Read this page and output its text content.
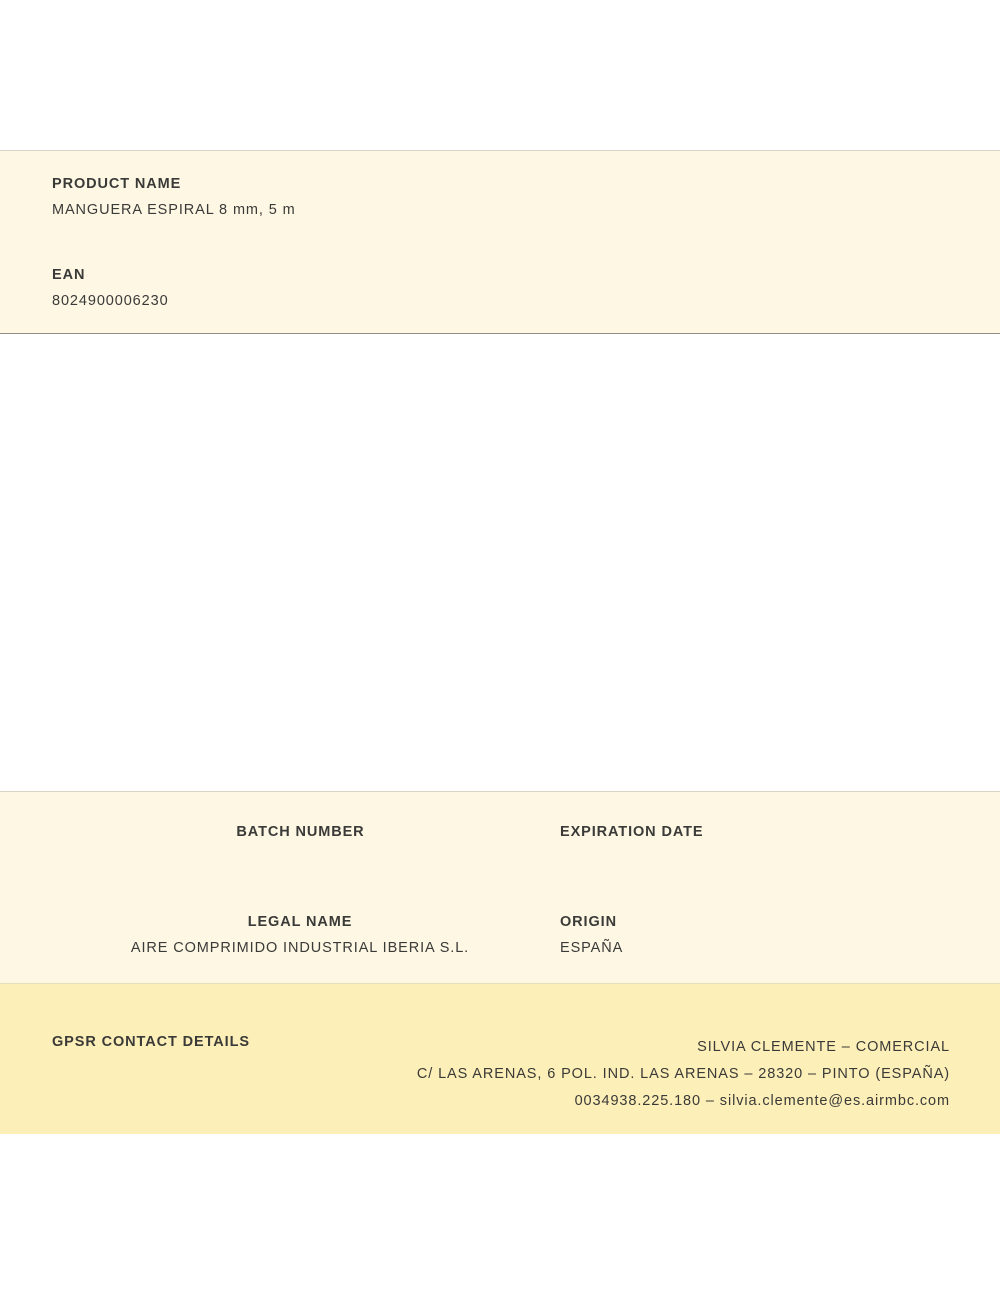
PRODUCT NAME
MANGUERA ESPIRAL 8 mm, 5 m
EAN
8024900006230
BATCH NUMBER	EXPIRATION DATE
LEGAL NAME
AIRE COMPRIMIDO INDUSTRIAL IBERIA S.L.
ORIGIN
ESPAÑA
GPSR CONTACT DETAILS	SILVIA CLEMENTE – COMERCIAL
C/ LAS ARENAS, 6 POL. IND. LAS ARENAS – 28320 – PINTO (ESPAÑA)
0034938.225.180 – silvia.clemente@es.airmbc.com
